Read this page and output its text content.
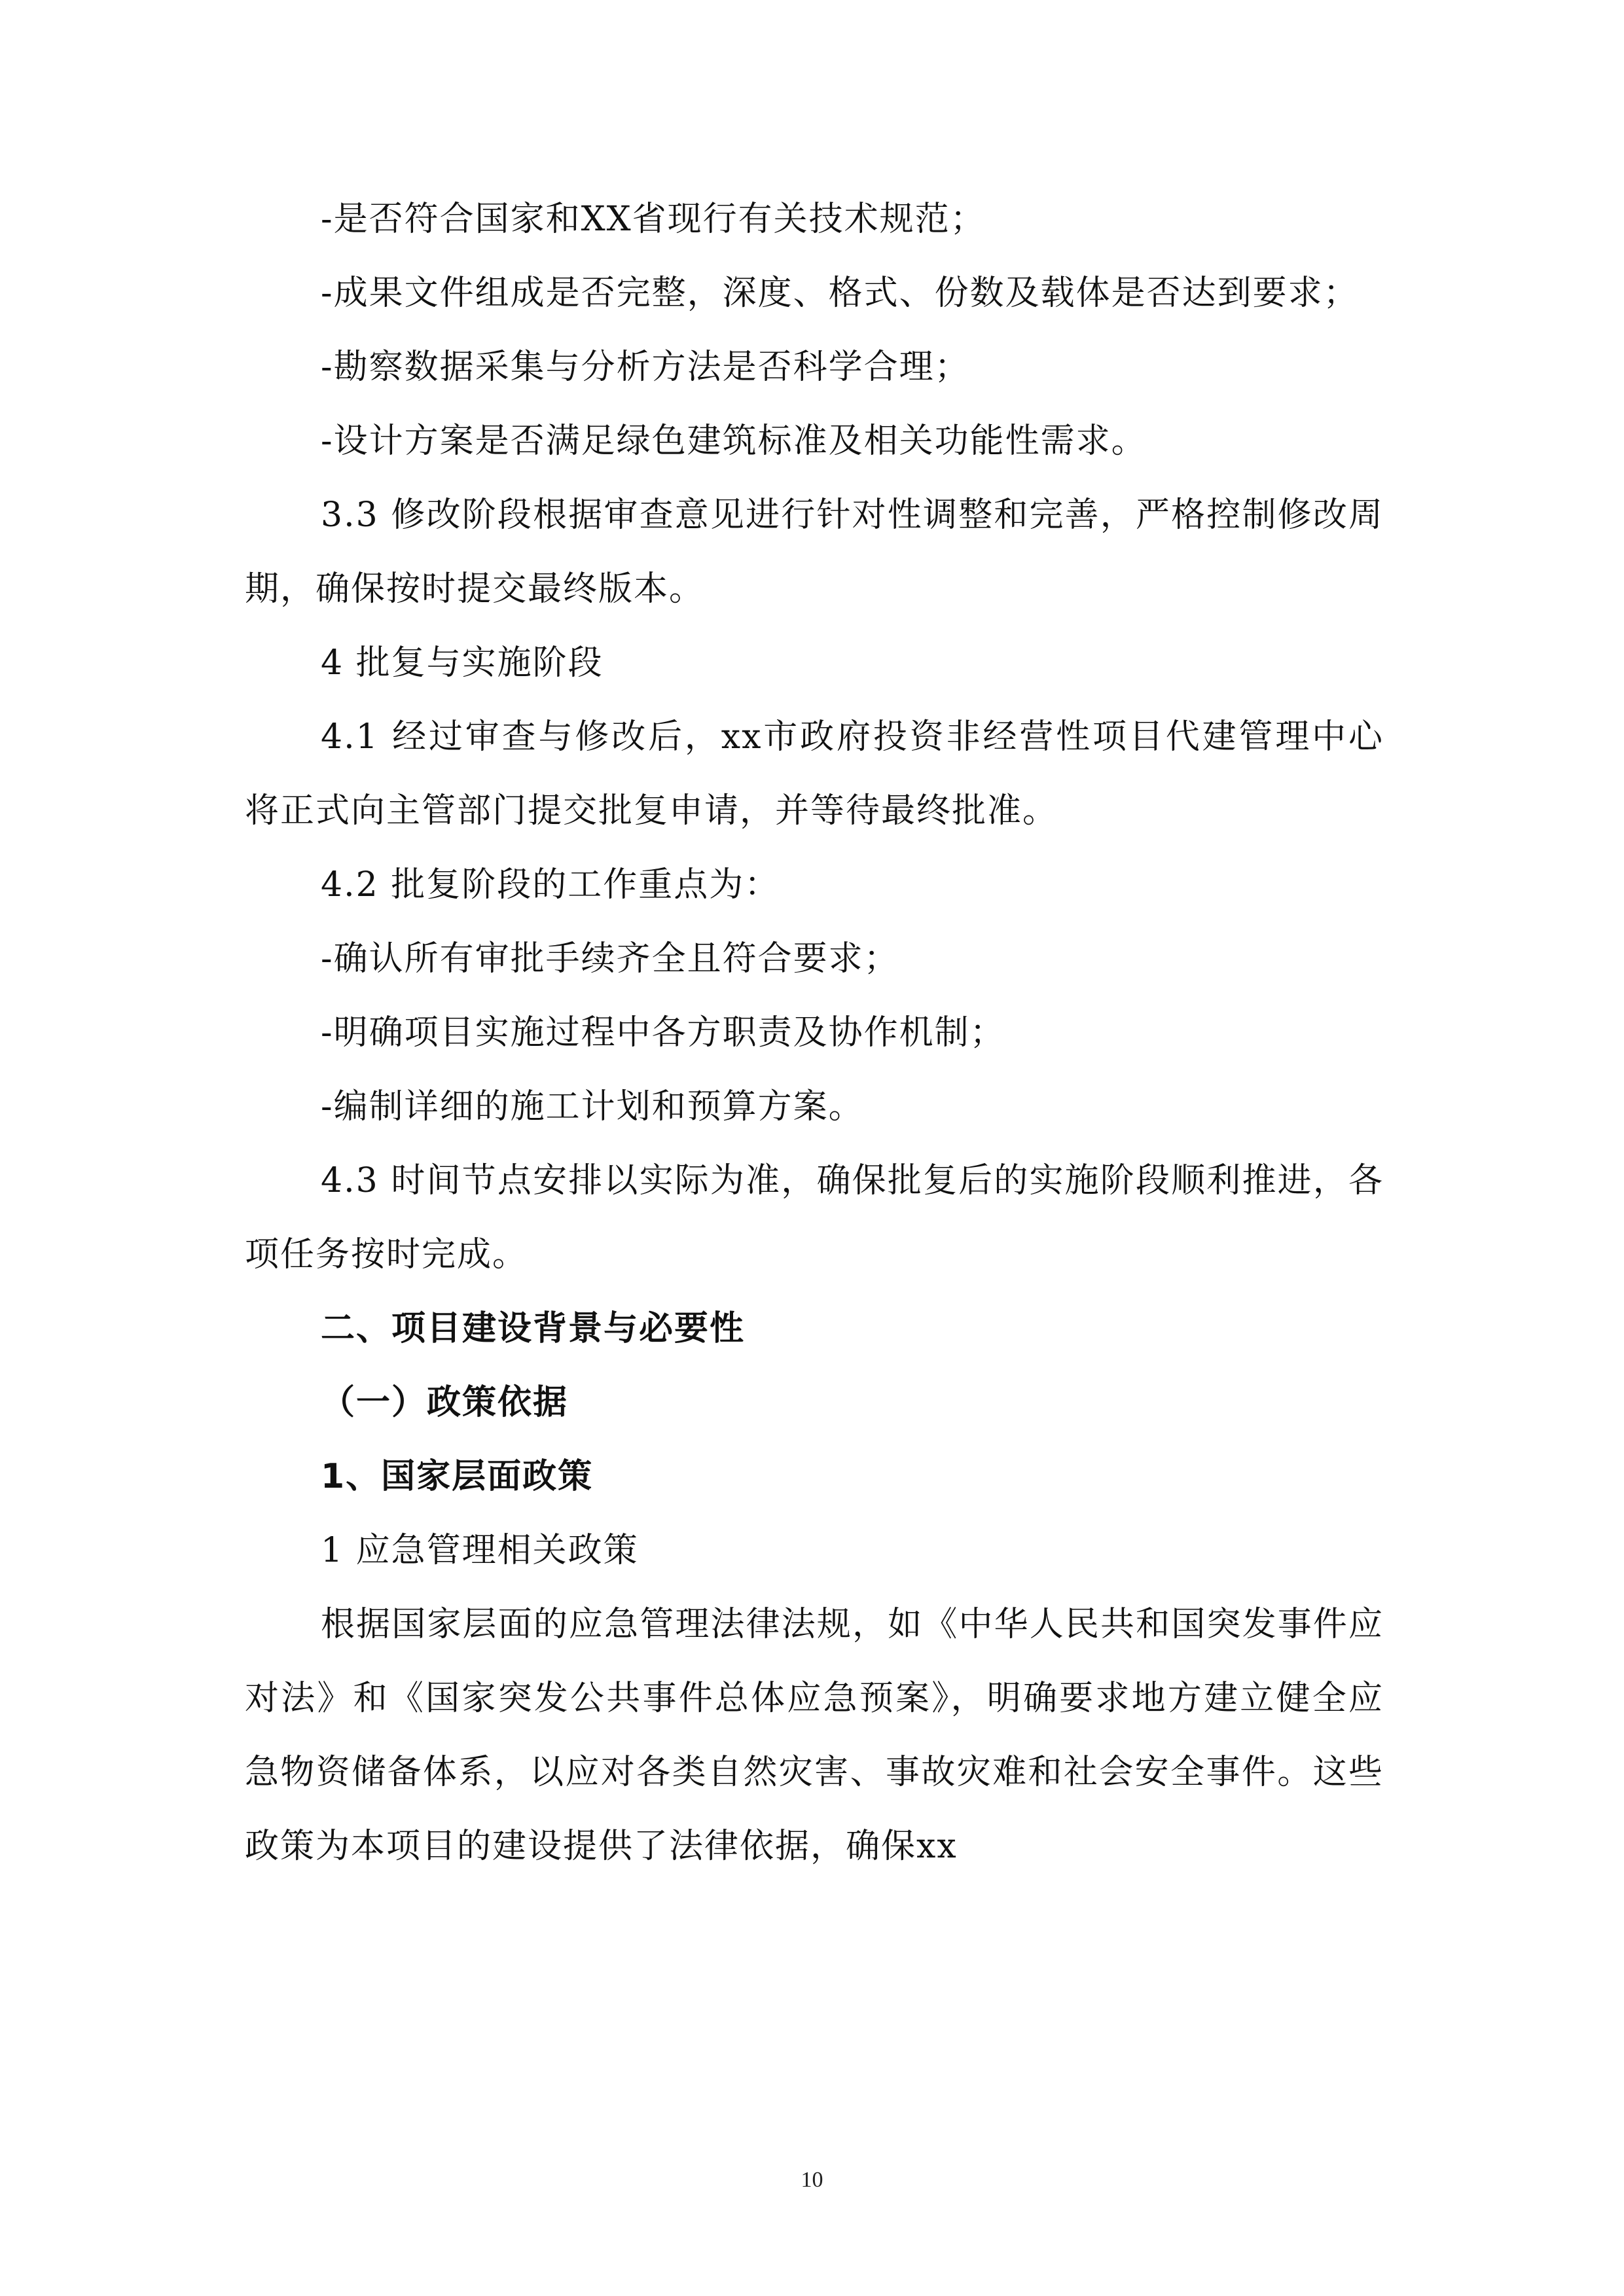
-是否符合国家和XX省现行有关技术规范；

-成果文件组成是否完整，深度、格式、份数及载体是否达到要求；

-勘察数据采集与分析方法是否科学合理；

-设计方案是否满足绿色建筑标准及相关功能性需求。

3.3 修改阶段根据审查意见进行针对性调整和完善，严格控制修改周期，确保按时提交最终版本。

4 批复与实施阶段

4.1 经过审查与修改后，xx市政府投资非经营性项目代建管理中心将正式向主管部门提交批复申请，并等待最终批准。

4.2 批复阶段的工作重点为：

-确认所有审批手续齐全且符合要求；

-明确项目实施过程中各方职责及协作机制；

-编制详细的施工计划和预算方案。

4.3 时间节点安排以实际为准，确保批复后的实施阶段顺利推进，各项任务按时完成。

二、项目建设背景与必要性

（一）政策依据

1、国家层面政策

1 应急管理相关政策

根据国家层面的应急管理法律法规，如《中华人民共和国突发事件应对法》和《国家突发公共事件总体应急预案》，明确要求地方建立健全应急物资储备体系，以应对各类自然灾害、事故灾难和社会安全事件。这些政策为本项目的建设提供了法律依据，确保xx

10
